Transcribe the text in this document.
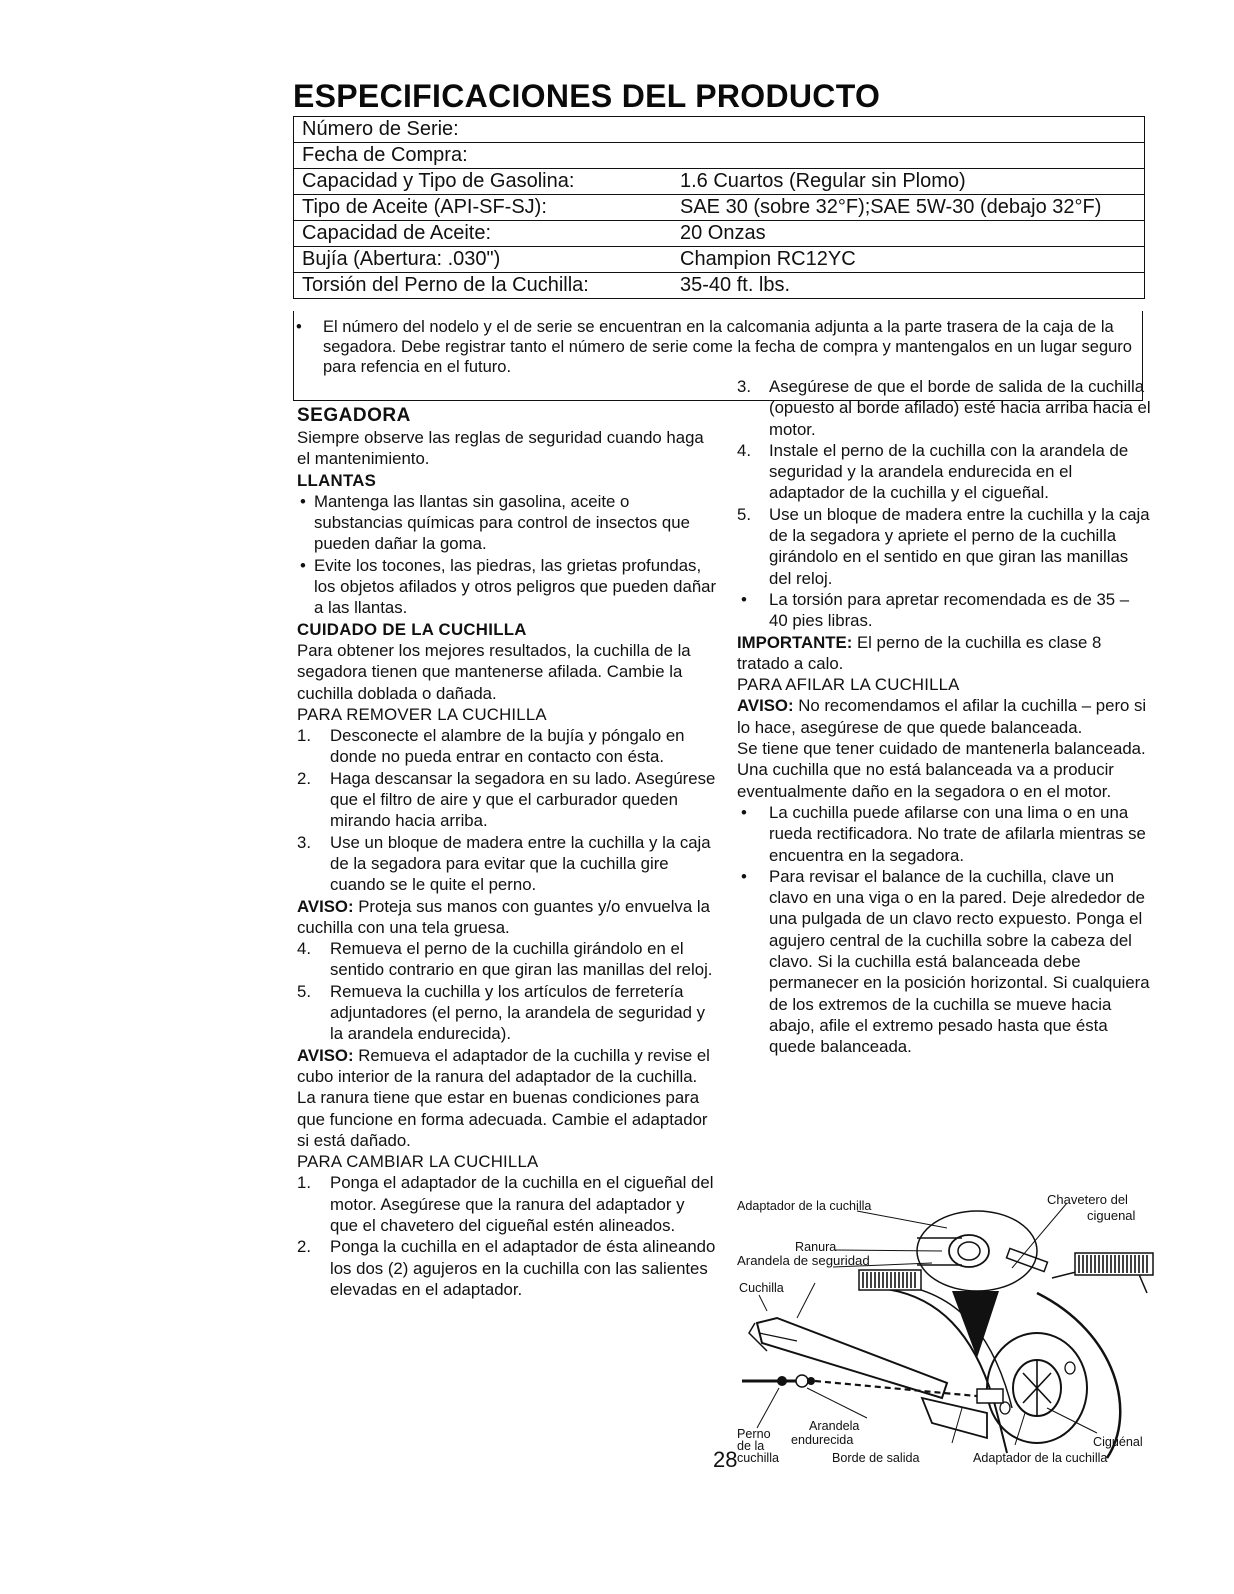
ESPECIFICACIONES DEL PRODUCTO
Número de Serie:	
Fecha de Compra:	
Capacidad y Tipo de Gasolina:	1.6 Cuartos (Regular sin Plomo)
Tipo de Aceite (API-SF-SJ):	SAE 30 (sobre 32°F);SAE 5W-30 (debajo 32°F)
Capacidad de Aceite:	20 Onzas
Bujía (Abertura: .030")	Champion RC12YC
Torsión del Perno de la Cuchilla:	35-40 ft. lbs.
•	El número del nodelo y el de serie se encuentran en la calcomania adjunta a la parte trasera de la caja de la segadora. Debe registrar tanto el número de serie come la fecha de compra y mantengalos en un lugar seguro para refencia en el futuro.

SEGADORA

Siempre observe las reglas de seguridad cuando haga el mantenimiento.

LLANTAS

• Mantenga las llantas sin gasolina, aceite o substancias químicas para control de insectos que pueden dañar la goma.
• Evite los tocones, las piedras, las grietas profundas, los objetos afilados y otros peligros que pueden dañar a las llantas.

CUIDADO DE LA CUCHILLA

Para obtener los mejores resultados, la cuchilla de la segadora tienen que mantenerse afilada. Cambie la cuchilla doblada o dañada.

PARA REMOVER LA CUCHILLA

1. Desconecte el alambre de la bujía y póngalo en donde no pueda entrar en contacto con ésta.
2. Haga descansar la segadora en su lado. Asegúrese que el filtro de aire y que el carburador queden mirando hacia arriba.
3. Use un bloque de madera entre la cuchilla y la caja de la segadora para evitar que la cuchilla gire cuando se le quite el perno.

AVISO: Proteja sus manos con guantes y/o envuelva la cuchilla con una tela gruesa.

4. Remueva el perno de la cuchilla girándolo en el sentido contrario en que giran las manillas del reloj.
5. Remueva la cuchilla y los artículos de ferretería adjuntadores (el perno, la arandela de seguridad y la arandela endurecida).

AVISO: Remueva el adaptador de la cuchilla y revise el cubo interior de la ranura del adaptador de la cuchilla. La ranura tiene que estar en buenas condiciones para que funcione en forma adecuada. Cambie el adaptador si está dañado.

PARA CAMBIAR LA CUCHILLA

1. Ponga el adaptador de la cuchilla en el cigueñal del motor. Asegúrese que la ranura del adaptador y que el chavetero del cigueñal estén alineados.
2. Ponga la cuchilla en el adaptador de ésta alineando los dos (2) agujeros en la cuchilla con las salientes elevadas en el adaptador.
3. Asegúrese de que el borde de salida de la cuchilla (opuesto al borde afilado) esté hacia arriba hacia el motor.
4. Instale el perno de la cuchilla con la arandela de seguridad y la arandela endurecida en el adaptador de la cuchilla y el cigueñal.
5. Use un bloque de madera entre la cuchilla y la caja de la segadora y apriete el perno de la cuchilla girándolo en el sentido en que giran las manillas del reloj.
• La torsión para apretar recomendada es de 35 – 40 pies libras.

IMPORTANTE: El perno de la cuchilla es clase 8 tratado a calo.

PARA AFILAR LA CUCHILLA

AVISO: No recomendamos el afilar la cuchilla – pero si lo hace, asegúrese de que quede balanceada.

Se tiene que tener cuidado de mantenerla balanceada. Una cuchilla que no está balanceada va a producir eventualmente daño en la segadora o en el motor.

• La cuchilla puede afilarse con una lima o en una rueda rectificadora. No trate de afilarla mientras se encuentra en la segadora.
• Para revisar el balance de la cuchilla, clave un clavo en una viga o en la pared. Deje alrededor de una pulgada de un clavo recto expuesto. Ponga el agujero central de la cuchilla sobre la cabeza del clavo. Si la cuchilla está balanceada debe permanecer en la posición horizontal. Si cualquiera de los extremos de la cuchilla se mueve hacia abajo, afile el extremo pesado hasta que ésta quede balanceada.
Adaptador de la cuchilla	Chavetero del
ciguenal
Ranura
Arandela de seguridad
Cuchilla
Perno
de la
cuchilla
Arandela
endurecida	Ciguénal
Borde de salida	Adaptador de la cuchilla
28
